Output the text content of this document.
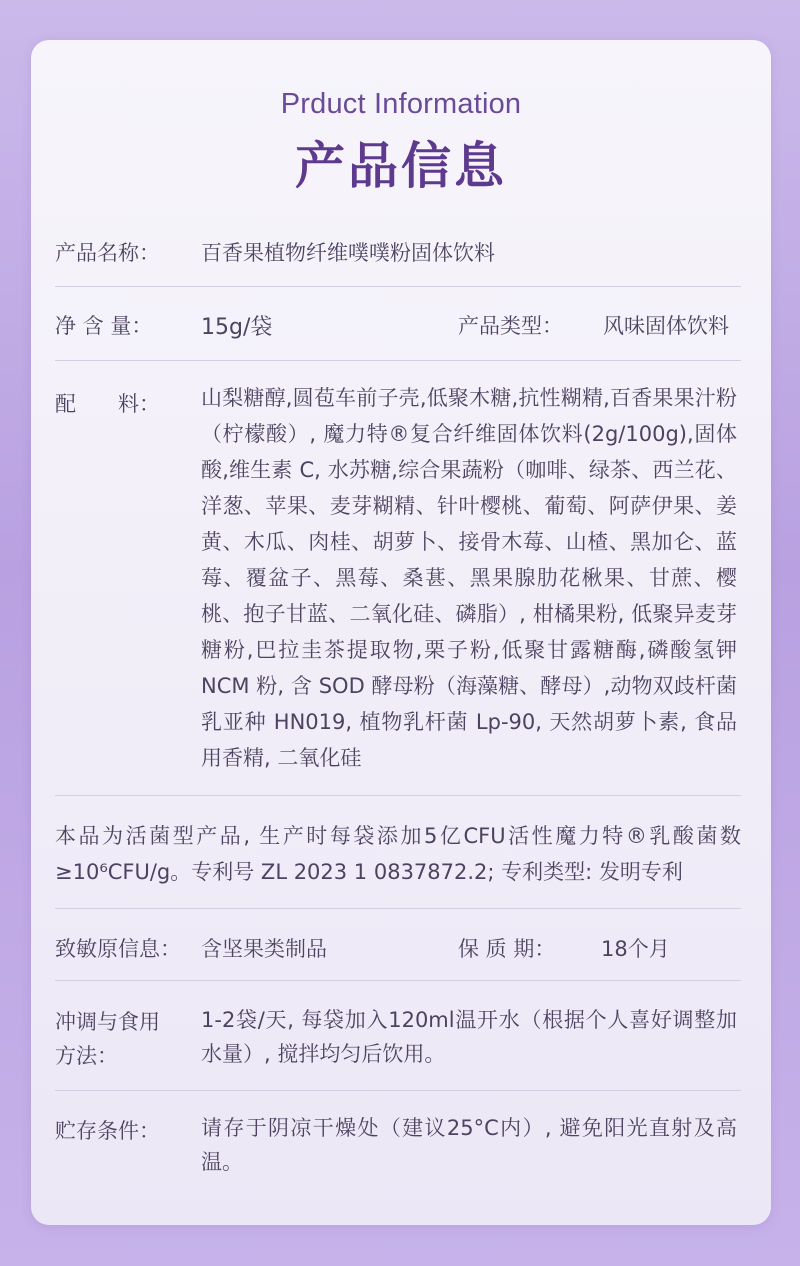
Prduct Information
产品信息
产品名称： 百香果植物纤维噗噗粉固体饮料
净 含 量： 15g/袋	产品类型： 风味固体饮料
配　　料： 山梨糖醇,圆苞车前子壳,低聚木糖,抗性糊精,百香果果汁粉（柠檬酸）, 魔力特®复合纤维固体饮料(2g/100g),固体酸,维生素 C, 水苏糖,综合果蔬粉（咖啡、绿茶、西兰花、洋葱、苹果、麦芽糊精、针叶樱桃、葡萄、阿萨伊果、姜黄、木瓜、肉桂、胡萝卜、接骨木莓、山楂、黑加仑、蓝莓、覆盆子、黑莓、桑葚、黑果腺肋花楸果、甘蔗、樱桃、抱子甘蓝、二氧化硅、磷脂）, 柑橘果粉, 低聚异麦芽糖粉,巴拉圭茶提取物,栗子粉,低聚甘露糖酶,磷酸氢钾 NCM 粉, 含 SOD 酵母粉（海藻糖、酵母）,动物双歧杆菌乳亚种 HN019, 植物乳杆菌 Lp-90, 天然胡萝卜素, 食品用香精, 二氧化硅
本品为活菌型产品, 生产时每袋添加5亿CFU活性魔力特®乳酸菌数≥10⁶CFU/g。专利号 ZL 2023 1 0837872.2; 专利类型: 发明专利
致敏原信息： 含坚果类制品	保 质 期： 18个月
冲调与食用
方法：
1-2袋/天, 每袋加入120ml温开水（根据个人喜好调整加水量）, 搅拌均匀后饮用。
贮存条件： 请存于阴凉干燥处（建议25°C内）, 避免阳光直射及高温。
